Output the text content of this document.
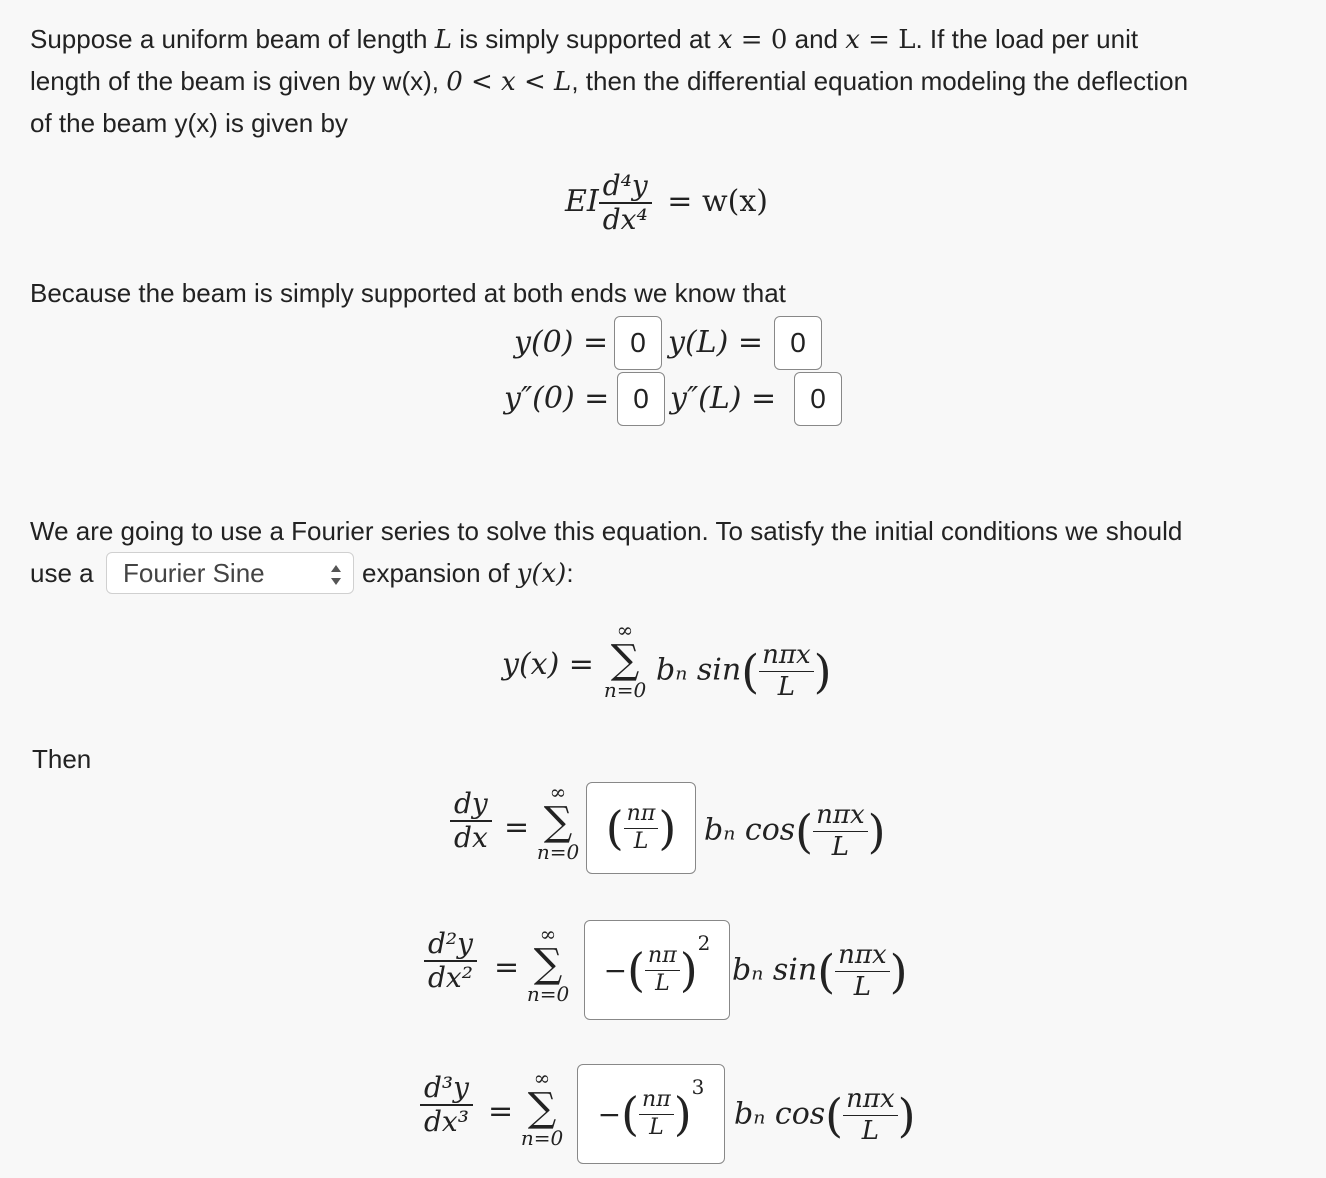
Suppose a uniform beam of length L is simply supported at x = 0 and x = L. If the load per unit
length of the beam is given by w(x), 0 < x < L, then the differential equation modeling the deflection
of the beam y(x) is given by
EI $\frac{\text{d⁴y}}{\text{dx⁴}} = w(x)$
Because the beam is simply supported at both ends we know that
y(0) = 0 y(L) = 0
y″(0) = 0 y″(L) =	0
We are going to use a Fourier series to solve this equation. To satisfy the initial conditions we should
use a Fourier Sine	expansion of y(x):
y(x) =
∞
∑
n=0
bₙ $\sin( \frac{\text{nπx}}{L}$ )
Then
$\frac{dy}{dx}$ =
∞
∑
n=0 ( $\frac{n\pi}{L}$ ) bₙ $\cos( \frac{\text{nπx}}{L}$ )
$\frac{\text{d²y}}{\text{dx²}}$ =
∞
∑
n=0
− ( $\frac{n\pi}{L} )^2$
bₙ $\sin( \frac{\text{nπx}}{L}$ )
$\frac{\text{d³y}}{\text{dx³}}$ =
∞
∑
n=0
− ( $\frac{n\pi}{L} )^3$
bₙ $\cos( \frac{\text{nπx}}{L}$ )
